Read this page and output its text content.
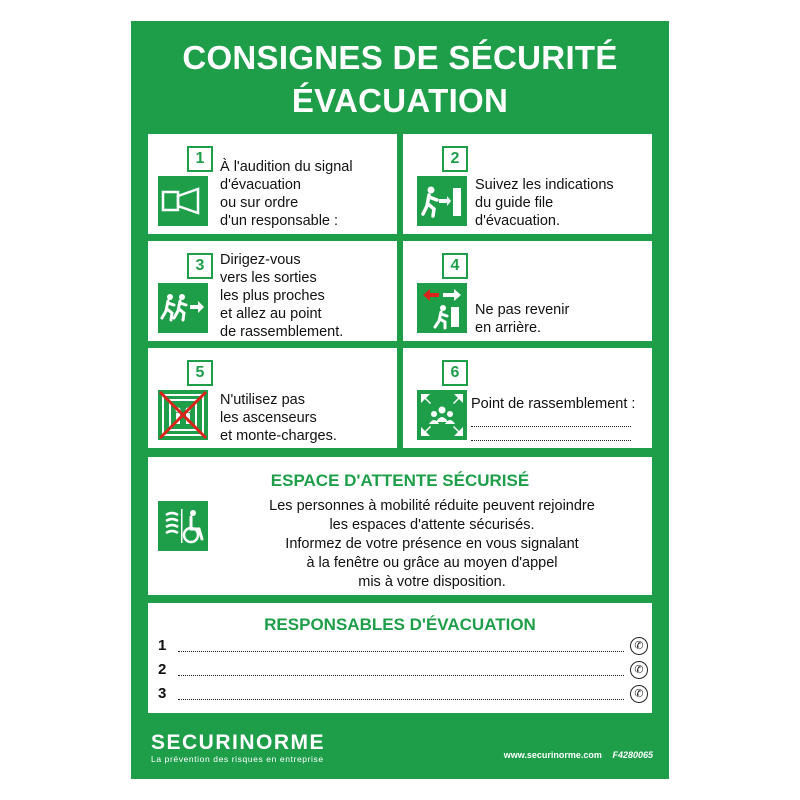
CONSIGNES DE SÉCURITÉ
ÉVACUATION
1	À l'audition du signal
d'évacuation
ou sur ordre
d'un responsable :
2
Suivez les indications
du guide file
d'évacuation.
3	Dirigez-vous
vers les sorties
les plus proches
et allez au point
de rassemblement.
4
Ne pas revenir
en arrière.
5
N'utilisez pas
les ascenseurs
et monte-charges.
6
Point de rassemblement :
ESPACE D'ATTENTE SÉCURISÉ
Les personnes à mobilité réduite peuvent rejoindre
les espaces d'attente sécurisés.
Informez de votre présence en vous signalant
à la fenêtre ou grâce au moyen d'appel
mis à votre disposition.
RESPONSABLES D'ÉVACUATION
1	✆
2	✆
3	✆
SECURINORME
La prévention des risques en entreprise	www.securinorme.com F4280065
